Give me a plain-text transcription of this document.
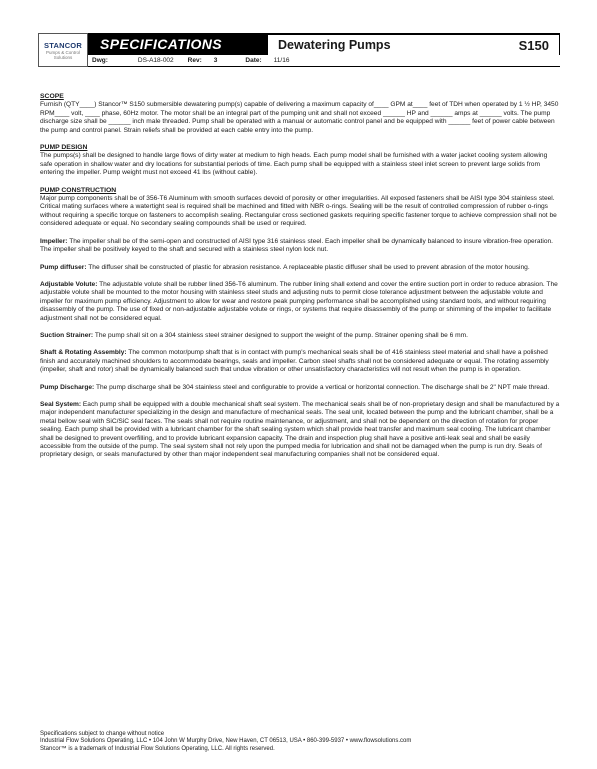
STANCOR
Pumps & Control Solutions
SPECIFICATIONS	Dewatering Pumps	S150
Dwg:	DS-A18-002 Rev: 3	Date: 11/16
SCOPE
Furnish (QTY____) Stancor™ S150 submersible dewatering pump(s) capable of delivering a maximum capacity of____ GPM at____ feet of TDH when operated by 1 ½ HP, 3450 RPM____ volt, ____ phase, 60Hz motor. The motor shall be an integral part of the pumping unit and shall not exceed ______ HP and ______ amps at ______ volts. The pump discharge size shall be ______ inch male threaded. Pump shall be operated with a manual or automatic control panel and be equipped with ______ feet of power cable between the pump and control panel. Strain reliefs shall be provided at each cable entry into the pump.
PUMP DESIGN
The pumps(s) shall be designed to handle large flows of dirty water at medium to high heads. Each pump model shall be furnished with a water jacket cooling system allowing safe operation in shallow water and dry locations for substantial periods of time. Each pump shall be equipped with a stainless steel inlet screen to prevent large solids from entering the impeller. Pump weight must not exceed 41 lbs (without cable).
PUMP CONSTRUCTION
Major pump components shall be of 356-T6 Aluminum with smooth surfaces devoid of porosity or other irregularities. All exposed fasteners shall be AISI type 304 stainless steel. Critical mating surfaces where a watertight seal is required shall be machined and fitted with NBR o-rings. Sealing will be the result of controlled compression of rubber o-rings without requiring a specific torque on fasteners to accomplish sealing. Rectangular cross sectioned gaskets requiring specific fastener torque to achieve compression shall not be considered adequate or equal. No secondary sealing compounds shall be used or required.
Impeller: The impeller shall be of the semi-open and constructed of AISI type 316 stainless steel. Each impeller shall be dynamically balanced to insure vibration-free operation. The impeller shall be positively keyed to the shaft and secured with a stainless steel nylon lock nut.
Pump diffuser: The diffuser shall be constructed of plastic for abrasion resistance. A replaceable plastic diffuser shall be used to prevent abrasion of the motor housing.
Adjustable Volute: The adjustable volute shall be rubber lined 356-T6 aluminum. The rubber lining shall extend and cover the entire suction port in order to reduce abrasion. The adjustable volute shall be mounted to the motor housing with stainless steel studs and adjusting nuts to permit close tolerance adjustment between the adjustable volute and impeller for maximum pump efficiency. Adjustment to allow for wear and restore peak pumping performance shall be accomplished using standard tools, and without requiring disassembly of the pump. The use of fixed or non-adjustable adjustable volute or rings, or systems that require disassembly of the pump or shimming of the impeller to facilitate adjustment shall not be considered equal.
Suction Strainer: The pump shall sit on a 304 stainless steel strainer designed to support the weight of the pump. Strainer opening shall be 6 mm.
Shaft & Rotating Assembly: The common motor/pump shaft that is in contact with pump's mechanical seals shall be of 416 stainless steel material and shall have a polished finish and accurately machined shoulders to accommodate bearings, seals and impeller. Carbon steel shafts shall not be considered adequate or equal. The rotating assembly (impeller, shaft and rotor) shall be dynamically balanced such that undue vibration or other unsatisfactory characteristics will not result when the pump is in operation.
Pump Discharge: The pump discharge shall be 304 stainless steel and configurable to provide a vertical or horizontal connection. The discharge shall be 2" NPT male thread.
Seal System: Each pump shall be equipped with a double mechanical shaft seal system. The mechanical seals shall be of non-proprietary design and shall be manufactured by a major independent manufacturer specializing in the design and manufacture of mechanical seals. The seal unit, located between the pump and the lubricant chamber, shall be a metal bellow seal with SiC/SiC seal faces. The seals shall not require routine maintenance, or adjustment, and shall not be dependent on the direction of rotation for proper sealing. Each pump shall be provided with a lubricant chamber for the shaft sealing system which shall provide heat transfer and maximum seal cooling. The lubricant chamber shall be designed to prevent overfilling, and to provide lubricant expansion capacity. The drain and inspection plug shall have a positive anti-leak seal and shall be easily accessible from the outside of the pump. The seal system shall not rely upon the pumped media for lubrication and shall not be damaged when the pump is run dry. Seals of proprietary design, or seals manufactured by other than major independent seal manufacturing companies shall not be considered equal.
Specifications subject to change without notice
Industrial Flow Solutions Operating, LLC • 104 John W Murphy Drive, New Haven, CT 06513, USA • 860-399-5937 • www.flowsolutions.com
Stancor™ is a trademark of Industrial Flow Solutions Operating, LLC. All rights reserved.
